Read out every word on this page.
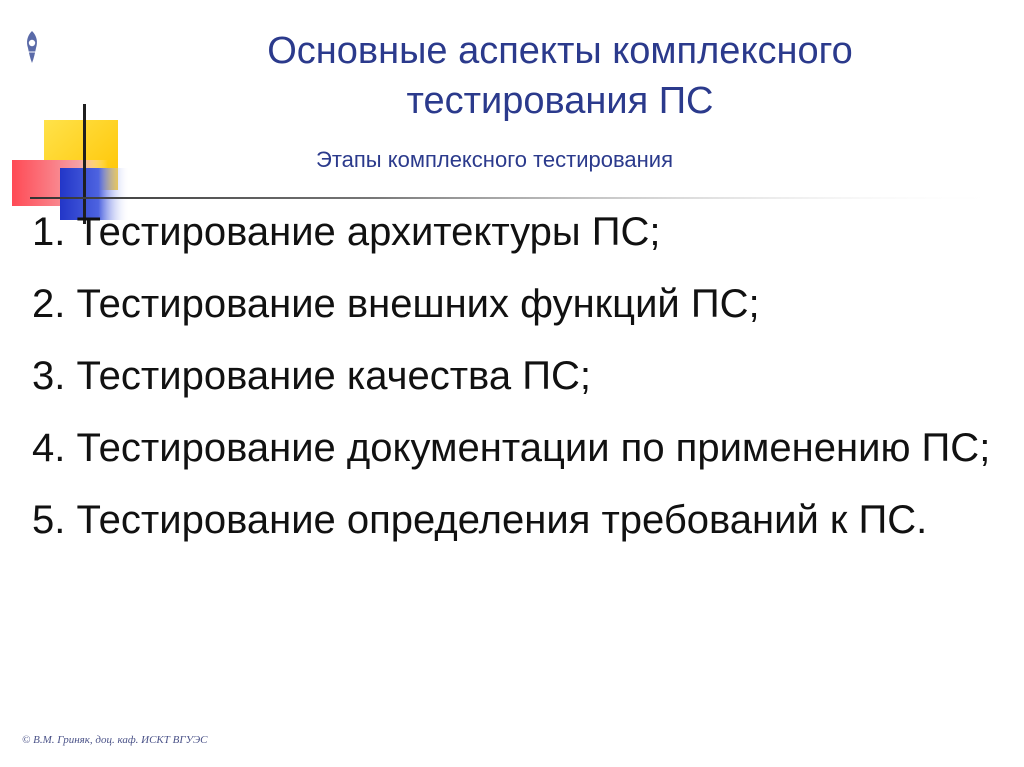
Основные аспекты комплексного тестирования ПС
Этапы комплексного тестирования
1. Тестирование архитектуры ПС;
2. Тестирование внешних функций ПС;
3. Тестирование качества ПС;
4. Тестирование документации по применению ПС;
5. Тестирование определения требований к ПС.
© В.М. Гриняк, доц. каф. ИСКТ ВГУЭС
